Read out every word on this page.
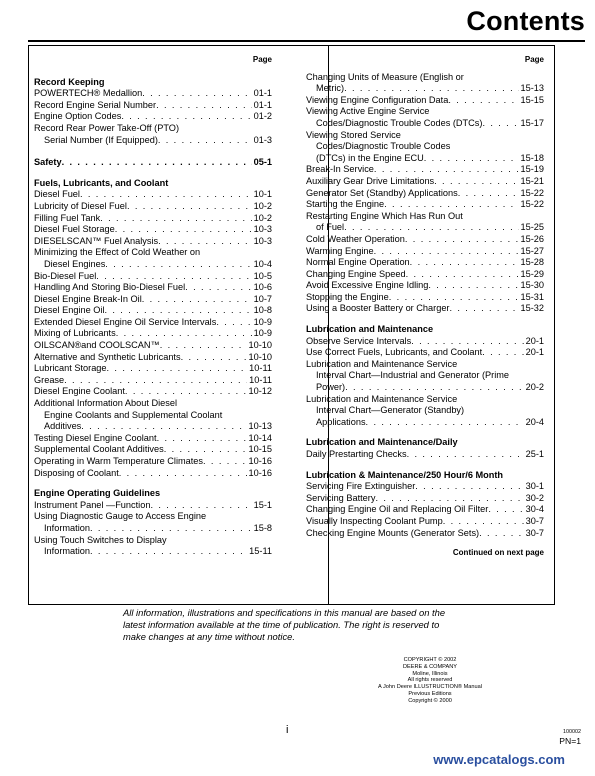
Contents
Page
Record Keeping
POWERTECH® Medallion . . .	01-1
Record Engine Serial Number . . .	01-1
Engine Option Codes . . .	01-2
Record Rear Power Take-Off (PTO)
Serial Number (If Equipped) . . .	01-3
Safety . . .	05-1
Fuels, Lubricants, and Coolant
Diesel Fuel . . .	10-1
Lubricity of Diesel Fuel . . .	10-2
Filling Fuel Tank . . .	10-2
Diesel Fuel Storage . . .	10-3
DIESELSCAN™ Fuel Analysis . . .	10-3
Minimizing the Effect of Cold Weather on
Diesel Engines . . .	10-4
Bio-Diesel Fuel . . .	10-5
Handling And Storing Bio-Diesel Fuel . . .	10-6
Diesel Engine Break-In Oil . . .	10-7
Diesel Engine Oil . . .	10-8
Extended Diesel Engine Oil Service Intervals . . .	10-9
Mixing of Lubricants . . .	10-9
OILSCAN®and COOLSCAN™ . . .	10-10
Alternative and Synthetic Lubricants . . .	10-10
Lubricant Storage . . .	10-11
Grease . . .	10-11
Diesel Engine Coolant . . .	10-12
Additional Information About Diesel
Engine Coolants and Supplemental Coolant
Additives . . .	10-13
Testing Diesel Engine Coolant . . .	10-14
Supplemental Coolant Additives . . .	10-15
Operating in Warm Temperature Climates . . .	10-16
Disposing of Coolant . . .	10-16
Engine Operating Guidelines
Instrument Panel —Function . . .	15-1
Using Diagnostic Gauge to Access Engine
Information . . .	15-8
Using Touch Switches to Display
Information . . .	15-11
Page
Changing Units of Measure (English or
Metric) . . .	15-13
Viewing Engine Configuration Data . . .	15-15
Viewing Active Engine Service
Codes/Diagnostic Trouble Codes (DTCs) . . .	15-17
Viewing Stored Service
Codes/Diagnostic Trouble Codes
(DTCs) in the Engine ECU . . .	15-18
Break-In Service . . .	15-19
Auxiliary Gear Drive Limitations . . .	15-21
Generator Set (Standby) Applications . . .	15-22
Starting the Engine . . .	15-22
Restarting Engine Which Has Run Out
of Fuel . . .	15-25
Cold Weather Operation . . .	15-26
Warming Engine . . .	15-27
Normal Engine Operation . . .	15-28
Changing Engine Speed . . .	15-29
Avoid Excessive Engine Idling . . .	15-30
Stopping the Engine . . .	15-31
Using a Booster Battery or Charger . . .	15-32
Lubrication and Maintenance
Observe Service Intervals . . .	20-1
Use Correct Fuels, Lubricants, and Coolant . . .	20-1
Lubrication and Maintenance Service
Interval Chart—Industrial and Generator (Prime
Power) . . .	20-2
Lubrication and Maintenance Service
Interval Chart—Generator (Standby)
Applications . . .	20-4
Lubrication and Maintenance/Daily
Daily Prestarting Checks . . .	25-1
Lubrication & Maintenance/250 Hour/6 Month
Servicing Fire Extinguisher . . .	30-1
Servicing Battery . . .	30-2
Changing Engine Oil and Replacing Oil Filter . . .	30-4
Visually Inspecting Coolant Pump . . .	30-7
Checking Engine Mounts (Generator Sets) . . .	30-7
Continued on next page
All information, illustrations and specifications in this manual are based on the latest information available at the time of publication. The right is reserved to make changes at any time without notice.
COPYRIGHT © 2002
DEERE & COMPANY
Moline, Illinois
All rights reserved
A John Deere ILLUSTRUCTION® Manual
Previous Editions
Copyright © 2000
i	100002
PN=1
www.epcatalogs.com
